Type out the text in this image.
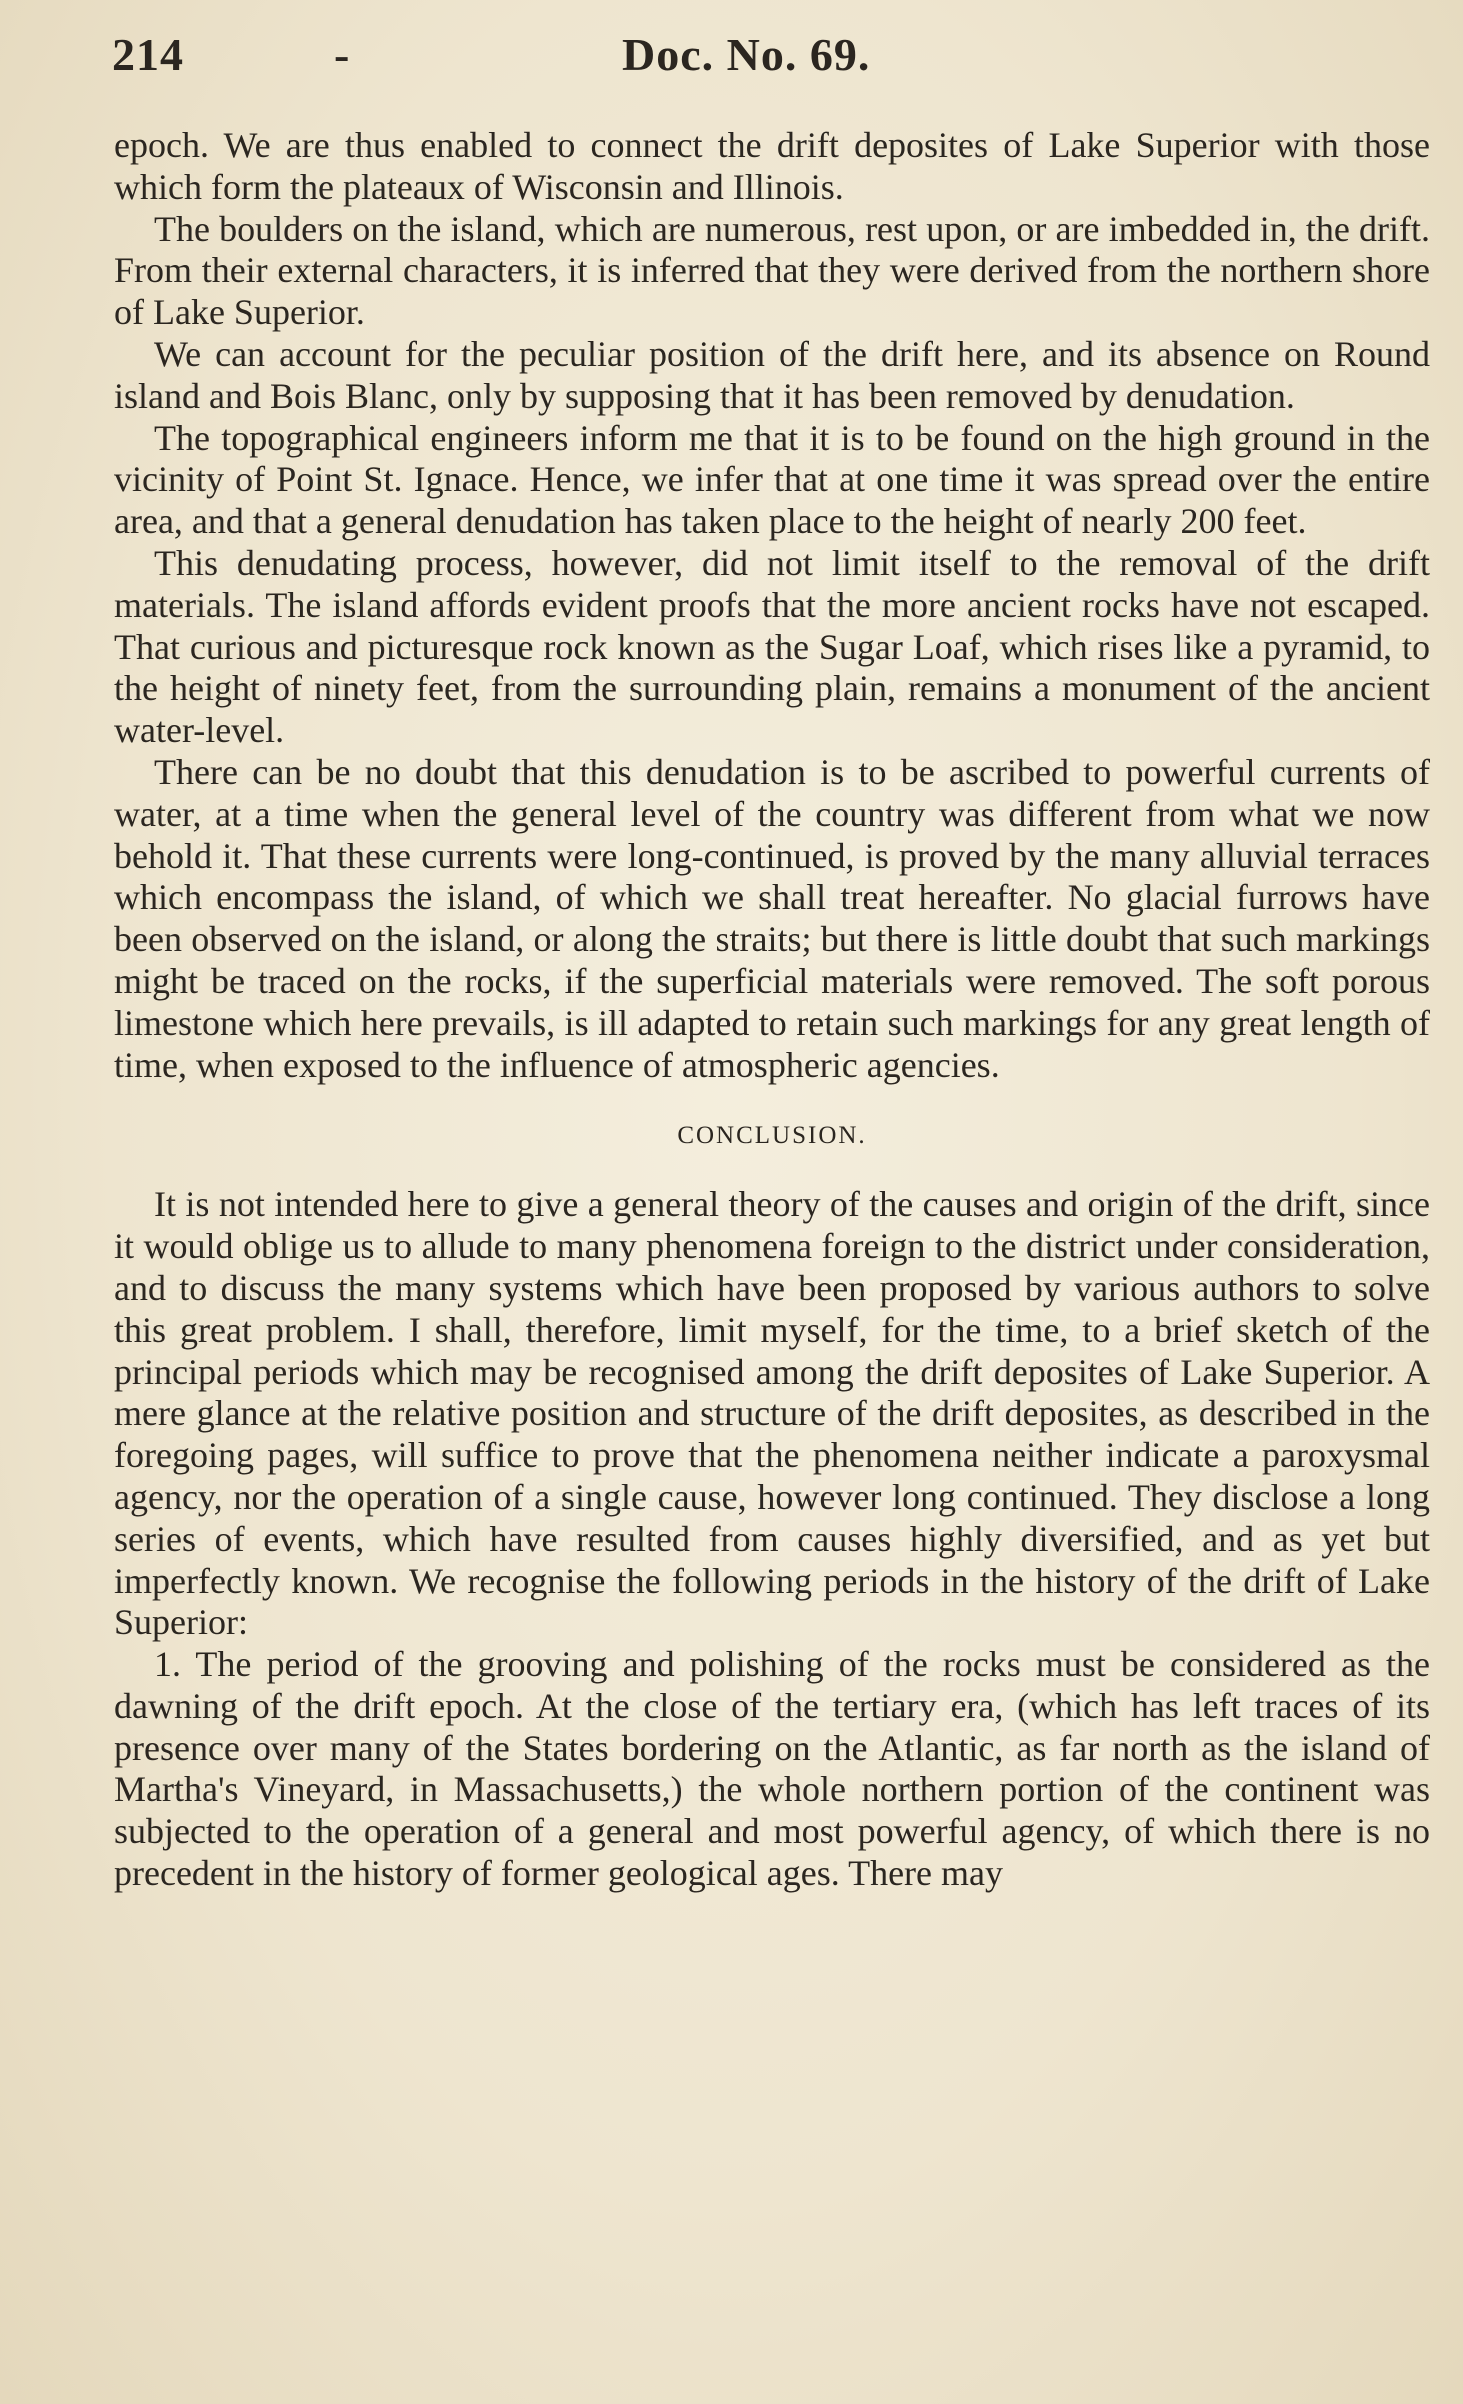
214	-	Doc. No. 69.

epoch. We are thus enabled to connect the drift deposites of Lake Superior with those which form the plateaux of Wisconsin and Illinois.

The boulders on the island, which are numerous, rest upon, or are imbedded in, the drift. From their external characters, it is inferred that they were derived from the northern shore of Lake Superior.

We can account for the peculiar position of the drift here, and its absence on Round island and Bois Blanc, only by supposing that it has been removed by denudation.

The topographical engineers inform me that it is to be found on the high ground in the vicinity of Point St. Ignace. Hence, we infer that at one time it was spread over the entire area, and that a general denudation has taken place to the height of nearly 200 feet.

This denudating process, however, did not limit itself to the removal of the drift materials. The island affords evident proofs that the more ancient rocks have not escaped. That curious and picturesque rock known as the Sugar Loaf, which rises like a pyramid, to the height of ninety feet, from the surrounding plain, remains a monument of the ancient water-level.

There can be no doubt that this denudation is to be ascribed to powerful currents of water, at a time when the general level of the country was different from what we now behold it. That these currents were long-continued, is proved by the many alluvial terraces which encompass the island, of which we shall treat hereafter. No glacial furrows have been observed on the island, or along the straits; but there is little doubt that such markings might be traced on the rocks, if the superficial materials were removed. The soft porous limestone which here prevails, is ill adapted to retain such markings for any great length of time, when exposed to the influence of atmospheric agencies.

CONCLUSION.

It is not intended here to give a general theory of the causes and origin of the drift, since it would oblige us to allude to many phenomena foreign to the district under consideration, and to discuss the many systems which have been proposed by various authors to solve this great problem. I shall, therefore, limit myself, for the time, to a brief sketch of the principal periods which may be recognised among the drift deposites of Lake Superior. A mere glance at the relative position and structure of the drift deposites, as described in the foregoing pages, will suffice to prove that the phenomena neither indicate a paroxysmal agency, nor the operation of a single cause, however long continued. They disclose a long series of events, which have resulted from causes highly diversified, and as yet but imperfectly known. We recognise the following periods in the history of the drift of Lake Superior:

1. The period of the grooving and polishing of the rocks must be considered as the dawning of the drift epoch. At the close of the tertiary era, (which has left traces of its presence over many of the States bordering on the Atlantic, as far north as the island of Martha's Vineyard, in Massachusetts,) the whole northern portion of the continent was subjected to the operation of a general and most powerful agency, of which there is no precedent in the history of former geological ages. There may
